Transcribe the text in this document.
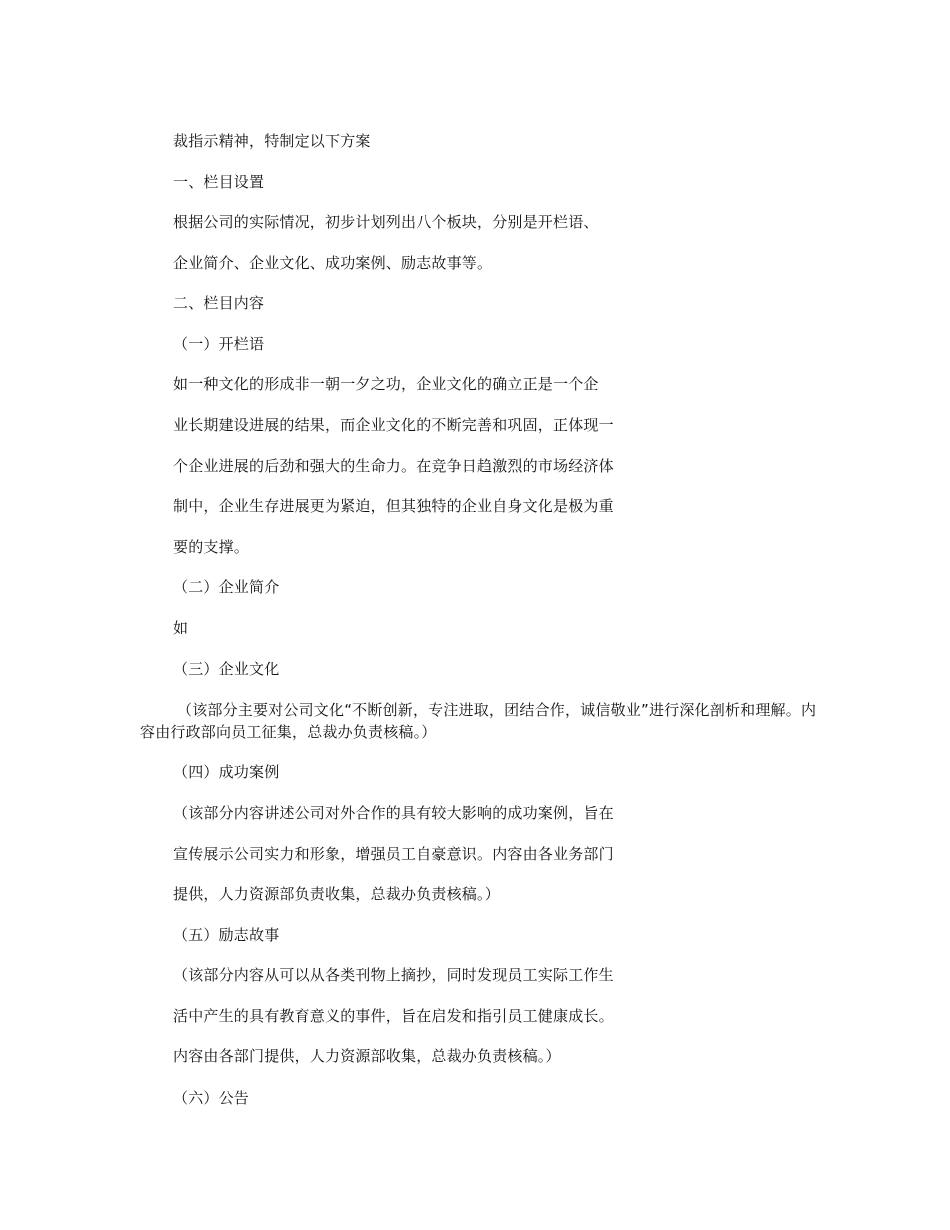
裁指示精神，特制定以下方案
一、栏目设置
根据公司的实际情况，初步计划列出八个板块，分别是开栏语、
企业简介、企业文化、成功案例、励志故事等。
二、栏目内容
（一）开栏语
如一种文化的形成非一朝一夕之功，企业文化的确立正是一个企
业长期建设进展的结果，而企业文化的不断完善和巩固，正体现一
个企业进展的后劲和强大的生命力。在竞争日趋激烈的市场经济体
制中，企业生存进展更为紧迫，但其独特的企业自身文化是极为重
要的支撑。
（二）企业简介
如
（三）企业文化
（该部分主要对公司文化“不断创新，专注进取，团结合作，诚信敬业”进行深化剖析和理解。内容由行政部向员工征集，总裁办负责核稿。）
（四）成功案例
（该部分内容讲述公司对外合作的具有较大影响的成功案例，旨在
宣传展示公司实力和形象，增强员工自豪意识。内容由各业务部门
提供，人力资源部负责收集，总裁办负责核稿。）
（五）励志故事
（该部分内容从可以从各类刊物上摘抄，同时发现员工实际工作生
活中产生的具有教育意义的事件，旨在启发和指引员工健康成长。
内容由各部门提供，人力资源部收集，总裁办负责核稿。）
（六）公告
